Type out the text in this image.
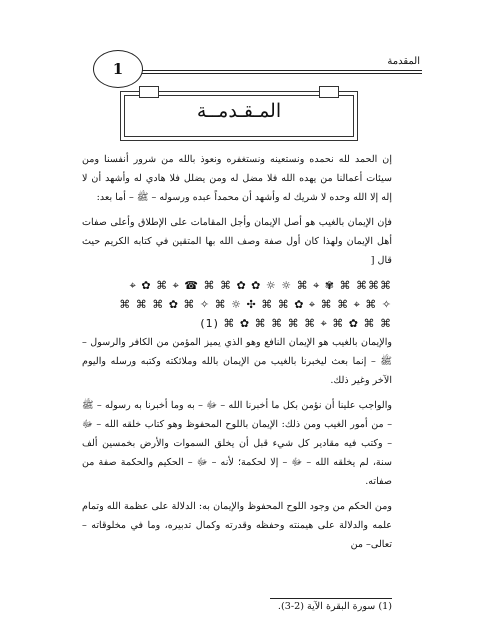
المقدمة
1
المـقـدمــة

إن الحمد لله نحمده ونستعينه ونستغفره ونعوذ بالله من شرور أنفسنا ومن سيئات أعمالنا من يهده الله فلا مضل له ومن يضلل فلا هادي له وأشهد أن لا إله إلا الله وحده لا شريك له وأشهد أن محمداً عبده ورسوله – ﷺ – أما بعد:

فإن الإيمان بالغيب هو أصل الإيمان وأجل المقامات على الإطلاق وأعلى صفات أهل الإيمان ولهذا كان أول صفة وصف الله بها المتقين في كتابه الكريم حيث قال [

⌘⌘⌘ ⌘ ✾ ⌖ ⌘ ☼ ☼ ✿ ✿ ⌘ ⌘ ☎ ⌖ ⌘ ✿ ⌖
✧ ⌘ ⌖ ⌘ ⌘ ⌖ ✿ ⌘ ⌘ ✣ ☼ ⌘ ✧ ⌘ ✿ ⌘ ⌘ ⌘
⌘ ⌘ ✿ ⌘ ⌖ ⌘ ⌘ ⌘ ⌘ ✿ ⌘ (1)

والإيمان بالغيب هو الإيمان النافع وهو الذي يميز المؤمن من الكافر والرسول – ﷺ – إنما بعث ليخبرنا بالغيب من الإيمان بالله وملائكته وكتبه ورسله واليوم الآخر وغير ذلك.

والواجب علينا أن نؤمن بكل ما أخبرنا الله – ﷻ – به وما أخبرنا به رسوله – ﷺ – من أمور الغيب ومن ذلك: الإيمان باللوح المحفوظ وهو كتاب خلقه الله – ﷻ – وكتب فيه مقادير كل شيء قبل أن يخلق السموات والأرض بخمسين ألف سنة، لم يخلقه الله – ﷻ – إلا لحكمة؛ لأنه – ﷻ – الحكيم والحكمة صفة من صفاته.

ومن الحكم من وجود اللوح المحفوظ والإيمان به: الدلالة على عظمة الله وتمام علمه والدلالة على هيمنته وحفظه وقدرته وكمال تدبيره، وما في مخلوقاته – تعالى– من

(1) سورة البقرة الآية (2-3).
